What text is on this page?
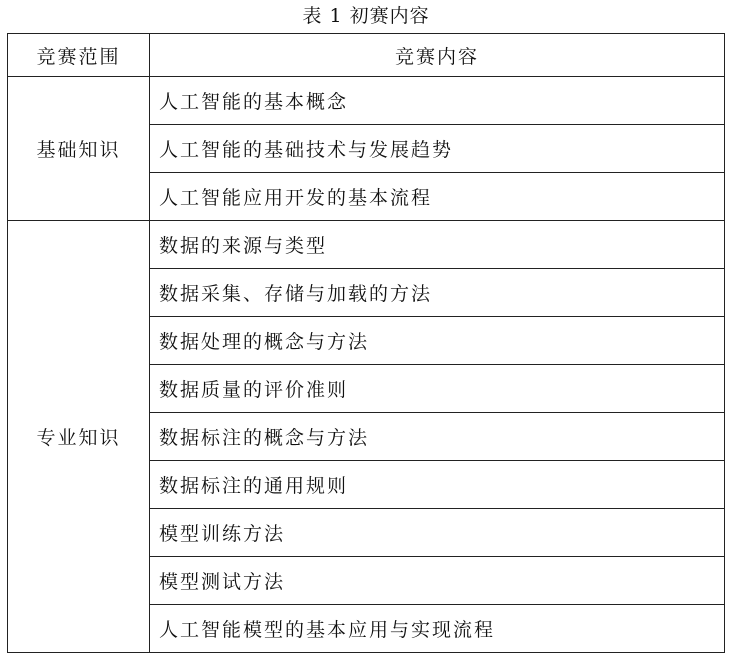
表 1 初赛内容
竞赛范围	竞赛内容
基础知识	人工智能的基本概念
	人工智能的基础技术与发展趋势
	人工智能应用开发的基本流程
专业知识	数据的来源与类型
	数据采集、存储与加载的方法
	数据处理的概念与方法
	数据质量的评价准则
	数据标注的概念与方法
	数据标注的通用规则
	模型训练方法
	模型测试方法
	人工智能模型的基本应用与实现流程
